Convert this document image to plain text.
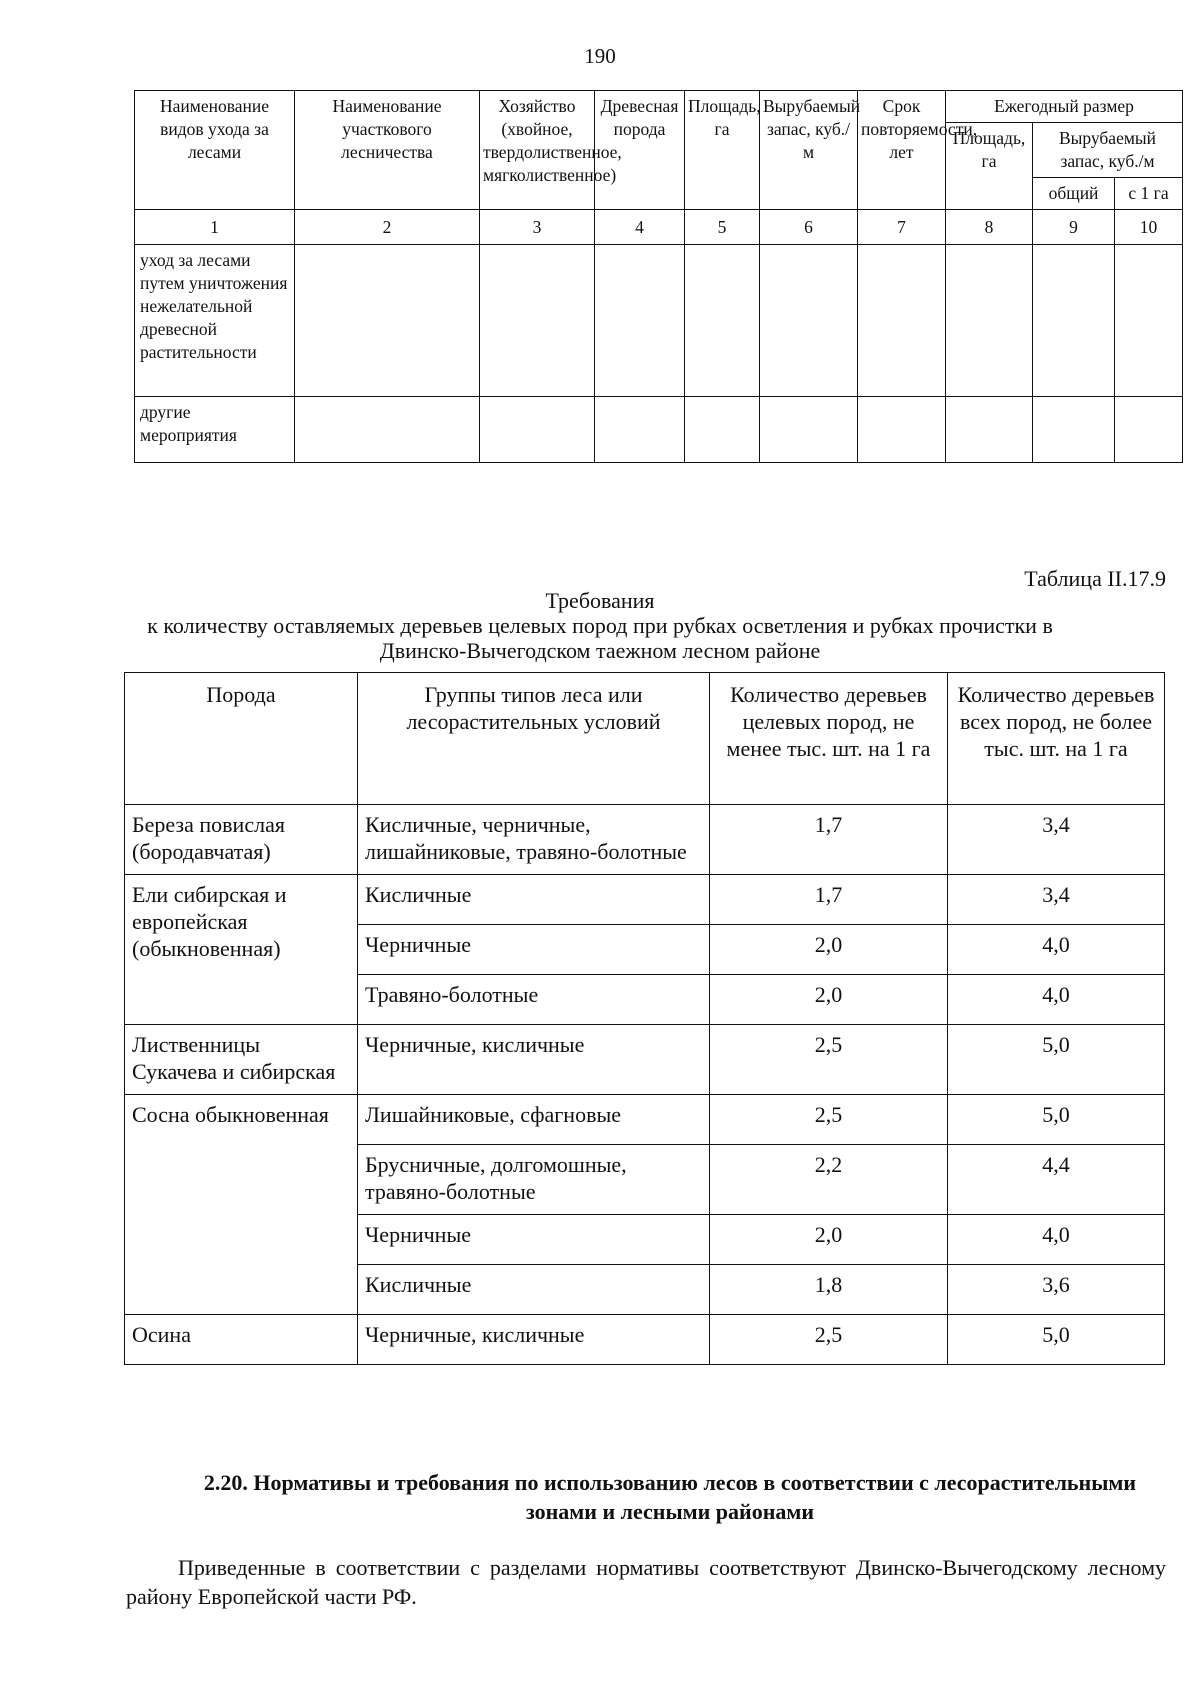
190
Наименование видов ухода за лесами	Наименование участкового лесничества	Хозяйство (хвойное, твердолиственное, мягколиственное)	Древесная порода	Площадь, га	Вырубаемый запас, куб./м	Срок повторяемости, лет	Ежегодный размер		
							Площадь, га	Вырубаемый запас, куб./м	
								общий	с 1 га
1	2	3	4	5	6	7	8	9	10
уход за лесами путем уничтожения нежелательной древесной растительности									
другие мероприятия									
Таблица II.17.9
Требования
к количеству оставляемых деревьев целевых пород при рубках осветления и рубках прочистки в Двинско-Вычегодском таежном лесном районе
Порода	Группы типов леса или лесорастительных условий	Количество деревьев целевых пород, не менее тыс. шт. на 1 га	Количество деревьев всех пород, не более тыс. шт. на 1 га
Береза повислая (бородавчатая)	Кисличные, черничные, лишайниковые, травяно-болотные	1,7	3,4
Ели сибирская и европейская (обыкновенная)	Кисличные	1,7	3,4
	Черничные	2,0	4,0
	Травяно-болотные	2,0	4,0
Лиственницы Сукачева и сибирская	Черничные, кисличные	2,5	5,0
Сосна обыкновенная	Лишайниковые, сфагновые	2,5	5,0
	Брусничные, долгомошные, травяно-болотные	2,2	4,4
	Черничные	2,0	4,0
	Кисличные	1,8	3,6
Осина	Черничные, кисличные	2,5	5,0
2.20. Нормативы и требования по использованию лесов в соответствии с лесорастительными зонами и лесными районами
Приведенные в соответствии с разделами нормативы соответствуют Двинско-Вычегодскому лесному району Европейской части РФ.
